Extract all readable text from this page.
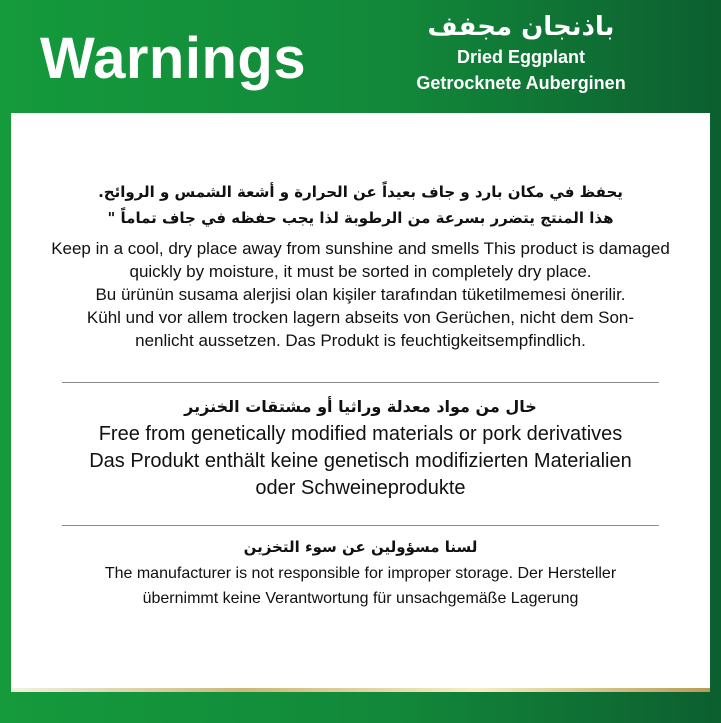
Warnings	باذنجان مجفف
Dried Eggplant
Getrocknete Auberginen
يحفظ في مكان بارد و جاف بعيداً عن الحرارة و أشعة الشمس و الروائح. هذا المنتج يتضرر بسرعة من الرطوبة لذا يجب حفظه في جاف تماماً "
Keep in a cool, dry place away from sunshine and smells This product is damaged quickly by moisture, it must be sorted in completely dry place.
Bu ürünün susama alerjisi olan kişiler tarafından tüketilmemesi önerilir.
Kühl und vor allem trocken lagern abseits von Gerüchen, nicht dem Son-nenlicht aussetzen. Das Produkt is feuchtigkeitsempfindlich.
خال من مواد معدلة وراثيا أو مشتقات الخنزير
Free from genetically modified materials or pork derivatives
Das Produkt enthält keine genetisch modifizierten Materialien oder Schweineprodukte
لسنا مسؤولين عن سوء التخزين
The manufacturer is not responsible for improper storage. Der Hersteller übernimmt keine Verantwortung für unsachgemäße Lagerung
